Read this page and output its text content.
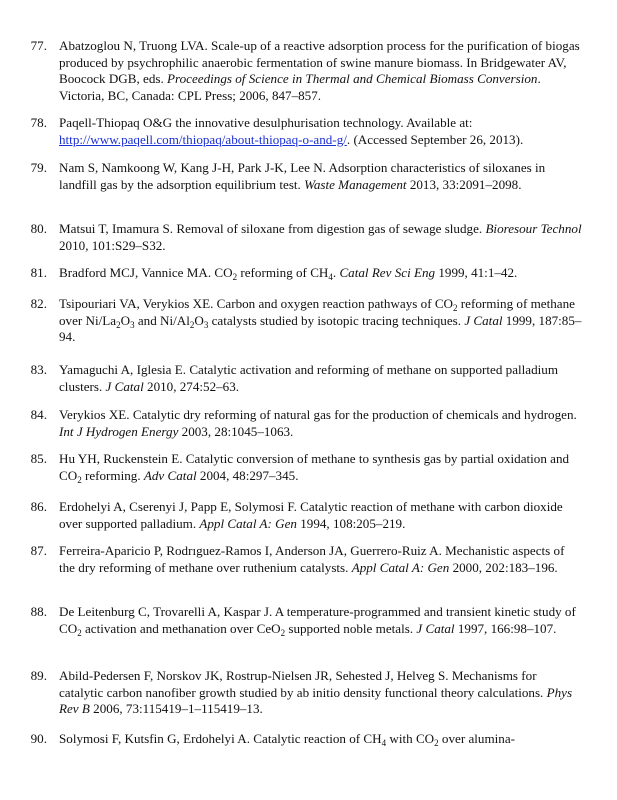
77. Abatzoglou N, Truong LVA. Scale-up of a reactive adsorption process for the purification of biogas produced by psychrophilic anaerobic fermentation of swine manure biomass. In Bridgewater AV, Boocock DGB, eds. Proceedings of Science in Thermal and Chemical Biomass Conversion. Victoria, BC, Canada: CPL Press; 2006, 847–857.
78. Paqell-Thiopaq O&G the innovative desulphurisation technology. Available at: http://www.paqell.com/thiopaq/about-thiopaq-o-and-g/. (Accessed September 26, 2013).
79. Nam S, Namkoong W, Kang J-H, Park J-K, Lee N. Adsorption characteristics of siloxanes in landfill gas by the adsorption equilibrium test. Waste Management 2013, 33:2091–2098.
80. Matsui T, Imamura S. Removal of siloxane from digestion gas of sewage sludge. Bioresour Technol 2010, 101:S29–S32.
81. Bradford MCJ, Vannice MA. $CO_2$ reforming of $CH_4$. Catal Rev Sci Eng 1999, 41:1–42.
82. Tsipouriari VA, Verykios XE. Carbon and oxygen reaction pathways of $CO_2$ reforming of methane over $Ni/La_2O_3$ and $Ni/Al_2O_3$ catalysts studied by isotopic tracing techniques. J Catal 1999, 187:85–94.
83. Yamaguchi A, Iglesia E. Catalytic activation and reforming of methane on supported palladium clusters. J Catal 2010, 274:52–63.
84. Verykios XE. Catalytic dry reforming of natural gas for the production of chemicals and hydrogen. Int J Hydrogen Energy 2003, 28:1045–1063.
85. Hu YH, Ruckenstein E. Catalytic conversion of methane to synthesis gas by partial oxidation and $CO_2$ reforming. Adv Catal 2004, 48:297–345.
86. Erdohelyi A, Cserenyi J, Papp E, Solymosi F. Catalytic reaction of methane with carbon dioxide over supported palladium. Appl Catal A: Gen 1994, 108:205–219.
87. Ferreira-Aparicio P, Rodrıguez-Ramos I, Anderson JA, Guerrero-Ruiz A. Mechanistic aspects of the dry reforming of methane over ruthenium catalysts. Appl Catal A: Gen 2000, 202:183–196.
88. De Leitenburg C, Trovarelli A, Kaspar J. A temperature-programmed and transient kinetic study of $CO_2$ activation and methanation over CeO$_2$ supported noble metals. J Catal 1997, 166:98–107.
89. Abild-Pedersen F, Norskov JK, Rostrup-Nielsen JR, Sehested J, Helveg S. Mechanisms for catalytic carbon nanofiber growth studied by ab initio density functional theory calculations. Phys Rev B 2006, 73:115419–1–115419–13.
90. Solymosi F, Kutsfin G, Erdohelyi A. Catalytic reaction of $CH_4$ with $CO_2$ over alumina-
